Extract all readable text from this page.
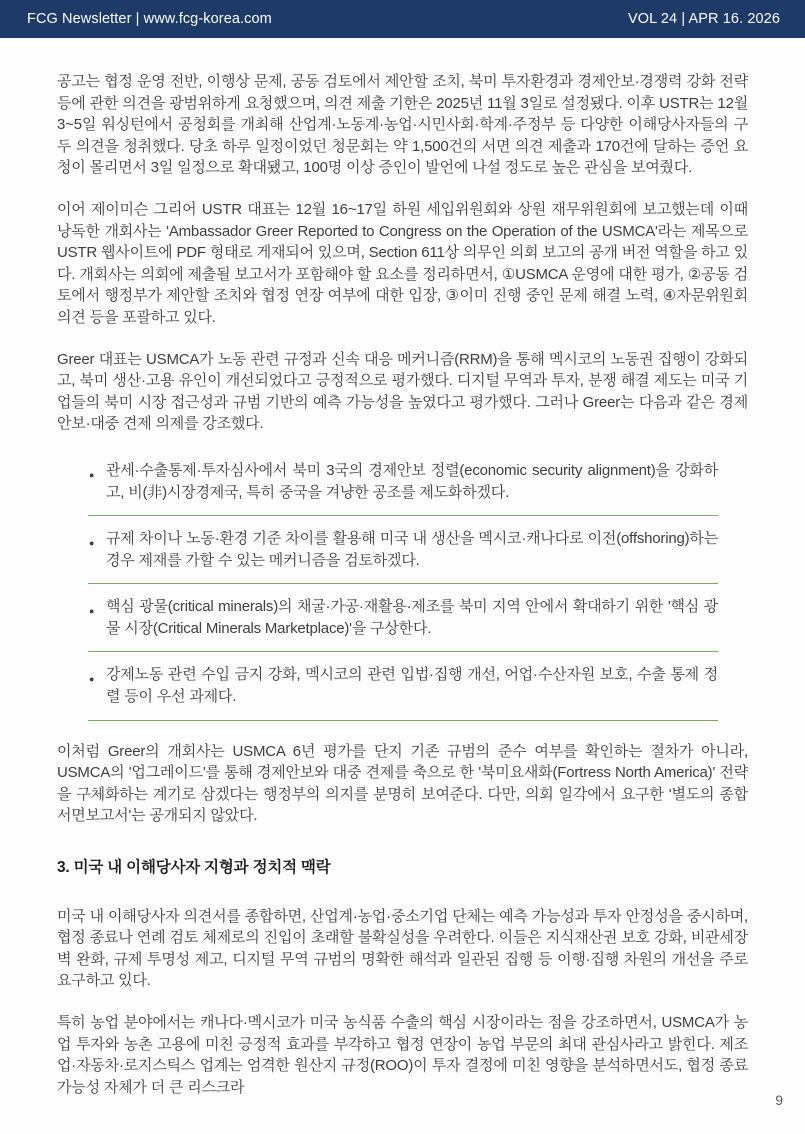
FCG Newsletter | www.fcg-korea.com	VOL 24 | APR 16. 2026

공고는 협정 운영 전반, 이행상 문제, 공동 검토에서 제안할 조치, 북미 투자환경과 경제안보·경쟁력 강화 전략 등에 관한 의견을 광범위하게 요청했으며, 의견 제출 기한은 2025년 11월 3일로 설정됐다. 이후 USTR는 12월 3~5일 워싱턴에서 공청회를 개최해 산업계·노동계·농업·시민사회·학계·주정부 등 다양한 이해당사자들의 구두 의견을 청취했다. 당초 하루 일정이었던 청문회는 약 1,500건의 서면 의견 제출과 170건에 달하는 증언 요청이 몰리면서 3일 일정으로 확대됐고, 100명 이상 증인이 발언에 나설 정도로 높은 관심을 보여줬다.

이어 제이미슨 그리어 USTR 대표는 12월 16~17일 하원 세입위원회와 상원 재무위원회에 보고했는데 이때 낭독한 개회사는 'Ambassador Greer Reported to Congress on the Operation of the USMCA'라는 제목으로 USTR 웹사이트에 PDF 형태로 게재되어 있으며, Section 611상 의무인 의회 보고의 공개 버전 역할을 하고 있다. 개회사는 의회에 제출될 보고서가 포함해야 할 요소를 정리하면서, ①USMCA 운영에 대한 평가, ②공동 검토에서 행정부가 제안할 조치와 협정 연장 여부에 대한 입장, ③이미 진행 중인 문제 해결 노력, ④자문위원회 의견 등을 포괄하고 있다.

Greer 대표는 USMCA가 노동 관련 규정과 신속 대응 메커니즘(RRM)을 통해 멕시코의 노동권 집행이 강화되고, 북미 생산·고용 유인이 개선되었다고 긍정적으로 평가했다. 디지털 무역과 투자, 분쟁 해결 제도는 미국 기업들의 북미 시장 접근성과 규범 기반의 예측 가능성을 높였다고 평가했다. 그러나 Greer는 다음과 같은 경제안보·대중 견제 의제를 강조했다.

● 관세·수출통제·투자심사에서 북미 3국의 경제안보 정렬(economic security alignment)을 강화하고, 비(非)시장경제국, 특히 중국을 겨냥한 공조를 제도화하겠다.
● 규제 차이나 노동·환경 기준 차이를 활용해 미국 내 생산을 멕시코·캐나다로 이전(offshoring)하는 경우 제재를 가할 수 있는 메커니즘을 검토하겠다.
● 핵심 광물(critical minerals)의 채굴·가공·재활용·제조를 북미 지역 안에서 확대하기 위한 '핵심 광물 시장(Critical Minerals Marketplace)'을 구상한다.
● 강제노동 관련 수입 금지 강화, 멕시코의 관련 입법·집행 개선, 어업·수산자원 보호, 수출 통제 정렬 등이 우선 과제다.

이처럼 Greer의 개회사는 USMCA 6년 평가를 단지 기존 규범의 준수 여부를 확인하는 절차가 아니라, USMCA의 '업그레이드'를 통해 경제안보와 대중 견제를 축으로 한 '북미요새화(Fortress North America)' 전략을 구체화하는 계기로 삼겠다는 행정부의 의지를 분명히 보여준다. 다만, 의회 일각에서 요구한 '별도의 종합 서면보고서'는 공개되지 않았다.

3. 미국 내 이해당사자 지형과 정치적 맥락

미국 내 이해당사자 의견서를 종합하면, 산업계·농업·중소기업 단체는 예측 가능성과 투자 안정성을 중시하며, 협정 종료나 연례 검토 체제로의 진입이 초래할 불확실성을 우려한다. 이들은 지식재산권 보호 강화, 비관세장벽 완화, 규제 투명성 제고, 디지털 무역 규범의 명확한 해석과 일관된 집행 등 이행·집행 차원의 개선을 주로 요구하고 있다.

특히 농업 분야에서는 캐나다·멕시코가 미국 농식품 수출의 핵심 시장이라는 점을 강조하면서, USMCA가 농업 투자와 농촌 고용에 미친 긍정적 효과를 부각하고 협정 연장이 농업 부문의 최대 관심사라고 밝힌다. 제조업·자동차·로지스틱스 업계는 엄격한 원산지 규정(ROO)이 투자 결정에 미친 영향을 분석하면서도, 협정 종료 가능성 자체가 더 큰 리스크라

9
